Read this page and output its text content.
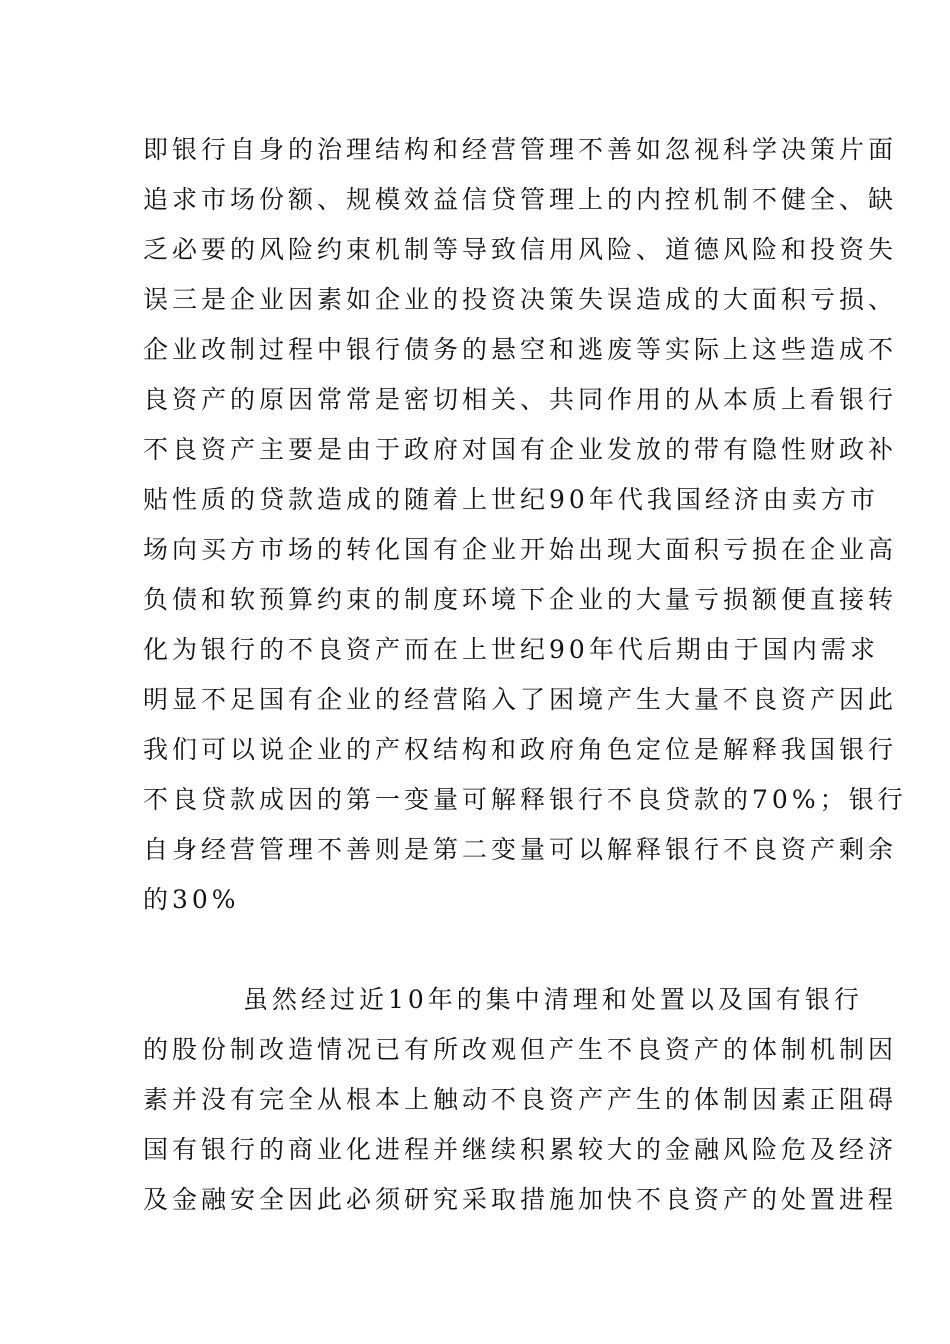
即银行自身的治理结构和经营管理不善如忽视科学决策片面
追求市场份额、规模效益信贷管理上的内控机制不健全、缺
乏必要的风险约束机制等导致信用风险、道德风险和投资失
误三是企业因素如企业的投资决策失误造成的大面积亏损、
企业改制过程中银行债务的悬空和逃废等实际上这些造成不
良资产的原因常常是密切相关、共同作用的从本质上看银行
不良资产主要是由于政府对国有企业发放的带有隐性财政补
贴性质的贷款造成的随着上世纪90年代我国经济由卖方市
场向买方市场的转化国有企业开始出现大面积亏损在企业高
负债和软预算约束的制度环境下企业的大量亏损额便直接转
化为银行的不良资产而在上世纪90年代后期由于国内需求
明显不足国有企业的经营陷入了困境产生大量不良资产因此
我们可以说企业的产权结构和政府角色定位是解释我国银行
不良贷款成因的第一变量可解释银行不良贷款的70%；银行
自身经营管理不善则是第二变量可以解释银行不良资产剩余
的30%
虽然经过近10年的集中清理和处置以及国有银行
的股份制改造情况已有所改观但产生不良资产的体制机制因
素并没有完全从根本上触动不良资产产生的体制因素正阻碍
国有银行的商业化进程并继续积累较大的金融风险危及经济
及金融安全因此必须研究采取措施加快不良资产的处置进程
